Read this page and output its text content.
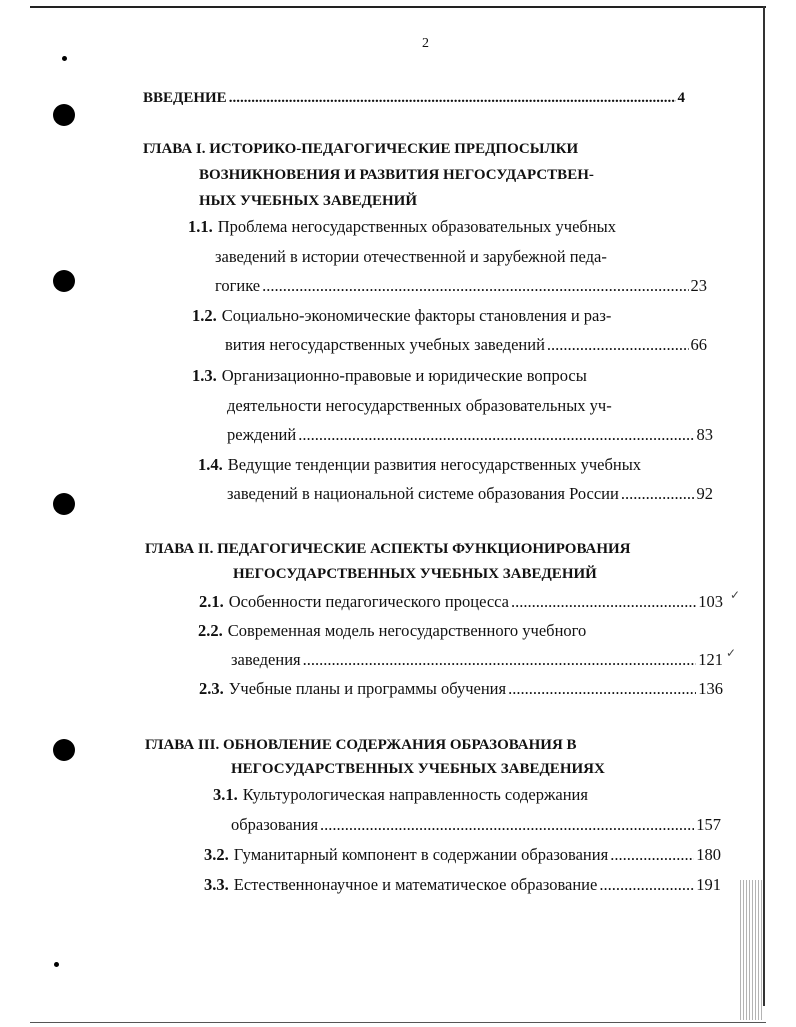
2
ВВЕДЕНИЕ .....	4
ГЛАВА I. ИСТОРИКО-ПЕДАГОГИЧЕСКИЕ ПРЕДПОСЫЛКИ
ВОЗНИКНОВЕНИЯ И РАЗВИТИЯ НЕГОСУДАРСТВЕН-
НЫХ УЧЕБНЫХ ЗАВЕДЕНИЙ
1.1. Проблема негосударственных образовательных учебных
заведений в истории отечественной и зарубежной педа-
гогике .....	23
1.2. Социально-экономические факторы становления и раз-
вития негосударственных учебных заведений .....	66
1.3. Организационно-правовые и юридические вопросы
деятельности негосударственных образовательных уч-
реждений .....	83
1.4. Ведущие тенденции развития негосударственных учебных
заведений в национальной системе образования России .....	92
ГЛАВА II. ПЕДАГОГИЧЕСКИЕ АСПЕКТЫ ФУНКЦИОНИРОВАНИЯ
НЕГОСУДАРСТВЕННЫХ УЧЕБНЫХ ЗАВЕДЕНИЙ
2.1. Особенности педагогического процесса .....	103 ✓
2.2. Современная модель негосударственного учебного
заведения .....	121 ✓
2.3. Учебные планы и программы обучения .....	136
ГЛАВА III. ОБНОВЛЕНИЕ СОДЕРЖАНИЯ ОБРАЗОВАНИЯ В
НЕГОСУДАРСТВЕННЫХ УЧЕБНЫХ ЗАВЕДЕНИЯХ
3.1. Культурологическая направленность содержания
образования .....	157
3.2. Гуманитарный компонент в содержании образования .....	180
3.3. Естественнонаучное и математическое образование .....	191
